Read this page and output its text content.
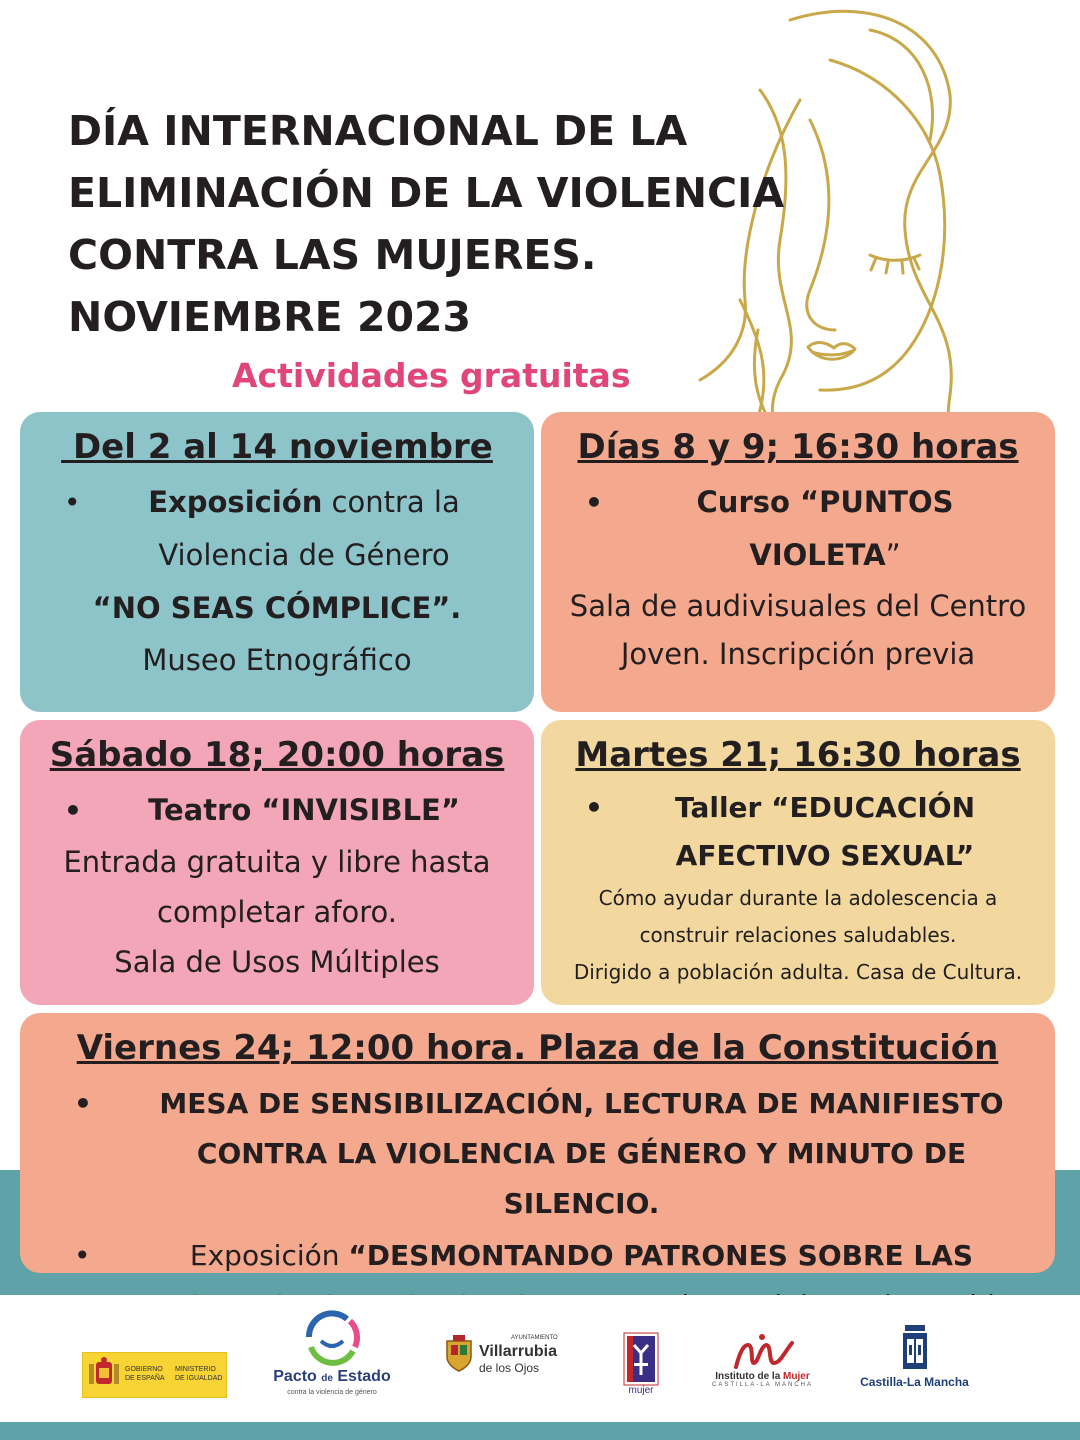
DÍA INTERNACIONAL DE LA
ELIMINACIÓN DE LA VIOLENCIA
CONTRA LAS MUJERES.
NOVIEMBRE 2023
Actividades gratuitas
Del 2 al 14 noviembre
• Exposición contra la
Violencia de Género
“NO SEAS CÓMPLICE”.
Museo Etnográfico
Días 8 y 9; 16:30 horas
•	Curso “PUNTOS
VIOLETA”
Sala de audivisuales del Centro
Joven. Inscripción previa
Sábado 18; 20:00 horas
• Teatro “INVISIBLE”
Entrada gratuita y libre hasta
completar aforo.
Sala de Usos Múltiples
Martes 21; 16:30 horas
•	Taller “EDUCACIÓN
AFECTIVO SEXUAL”
Cómo ayudar durante la adolescencia a
construir relaciones saludables.
Dirigido a población adulta. Casa de Cultura.
Viernes 24; 12:00 hora. Plaza de la Constitución
• MESA DE SENSIBILIZACIÓN, LECTURA DE MANIFIESTO
CONTRA LA VIOLENCIA DE GÉNERO Y MINUTO DE SILENCIO.
•	Exposición “DESMONTANDO PATRONES SOBRE LAS

GOBIERNO DE ESPAÑA
MINISTERIO DE IGUALDAD	Pacto de Estado
contra la violencia de género
AYUNTAMIENTO
Villarrubia
de los Ojos
mujer
Instituto de la Mujer
CASTILLA-LA MANCHA	Castilla-La Mancha
